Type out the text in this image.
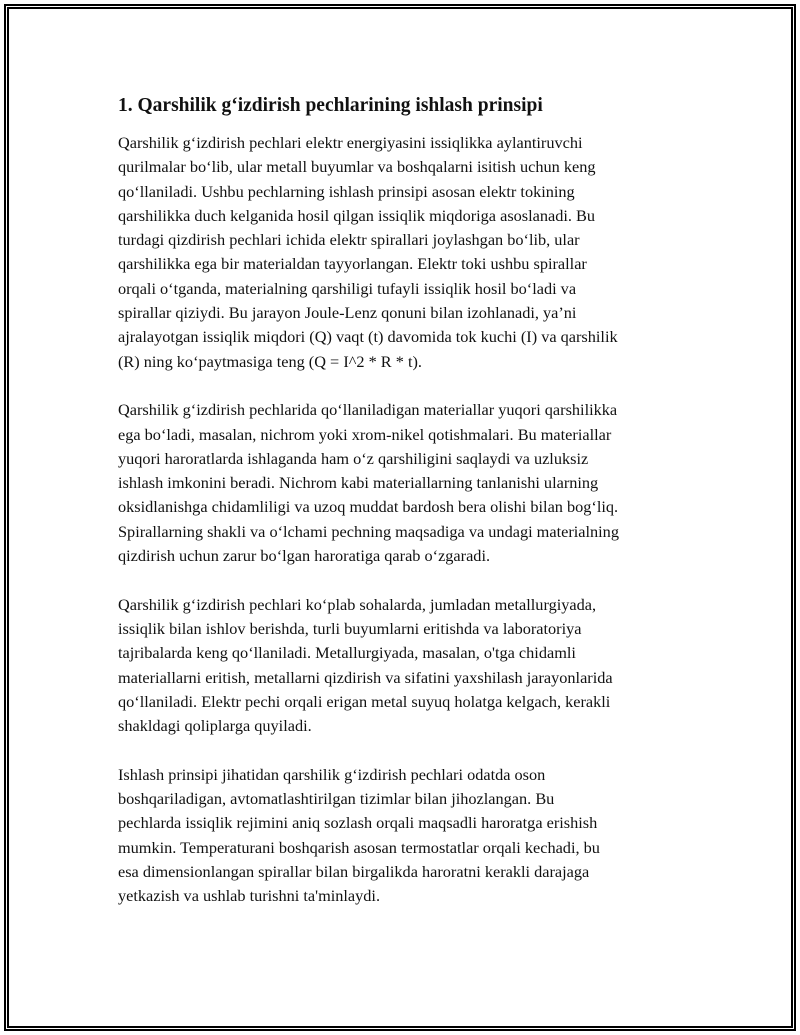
1. Qarshilik g‘izdirish pechlarining ishlash prinsipi
Qarshilik g‘izdirish pechlari elektr energiyasini issiqlikka aylantiruvchi
qurilmalar bo‘lib, ular metall buyumlar va boshqalarni isitish uchun keng
qo‘llaniladi. Ushbu pechlarning ishlash prinsipi asosan elektr tokining
qarshilikka duch kelganida hosil qilgan issiqlik miqdoriga asoslanadi. Bu
turdagi qizdirish pechlari ichida elektr spirallari joylashgan bo‘lib, ular
qarshilikka ega bir materialdan tayyorlangan. Elektr toki ushbu spirallar
orqali o‘tganda, materialning qarshiligi tufayli issiqlik hosil bo‘ladi va
spirallar qiziydi. Bu jarayon Joule-Lenz qonuni bilan izohlanadi, ya’ni
ajralayotgan issiqlik miqdori (Q) vaqt (t) davomida tok kuchi (I) va qarshilik
(R) ning ko‘paytmasiga teng (Q = I^2 * R * t).
Qarshilik g‘izdirish pechlarida qo‘llaniladigan materiallar yuqori qarshilikka
ega bo‘ladi, masalan, nichrom yoki xrom-nikel qotishmalari. Bu materiallar
yuqori haroratlarda ishlaganda ham o‘z qarshiligini saqlaydi va uzluksiz
ishlash imkonini beradi. Nichrom kabi materiallarning tanlanishi ularning
oksidlanishga chidamliligi va uzoq muddat bardosh bera olishi bilan bog‘liq.
Spirallarning shakli va o‘lchami pechning maqsadiga va undagi materialning
qizdirish uchun zarur bo‘lgan haroratiga qarab o‘zgaradi.
Qarshilik g‘izdirish pechlari ko‘plab sohalarda, jumladan metallurgiyada,
issiqlik bilan ishlov berishda, turli buyumlarni eritishda va laboratoriya
tajribalarda keng qo‘llaniladi. Metallurgiyada, masalan, o'tga chidamli
materiallarni eritish, metallarni qizdirish va sifatini yaxshilash jarayonlarida
qo‘llaniladi. Elektr pechi orqali erigan metal suyuq holatga kelgach, kerakli
shakldagi qoliplarga quyiladi.
Ishlash prinsipi jihatidan qarshilik g‘izdirish pechlari odatda oson
boshqariladigan, avtomatlashtirilgan tizimlar bilan jihozlangan. Bu
pechlarda issiqlik rejimini aniq sozlash orqali maqsadli haroratga erishish
mumkin. Temperaturani boshqarish asosan termostatlar orqali kechadi, bu
esa dimensionlangan spirallar bilan birgalikda haroratni kerakli darajaga
yetkazish va ushlab turishni ta'minlaydi.
